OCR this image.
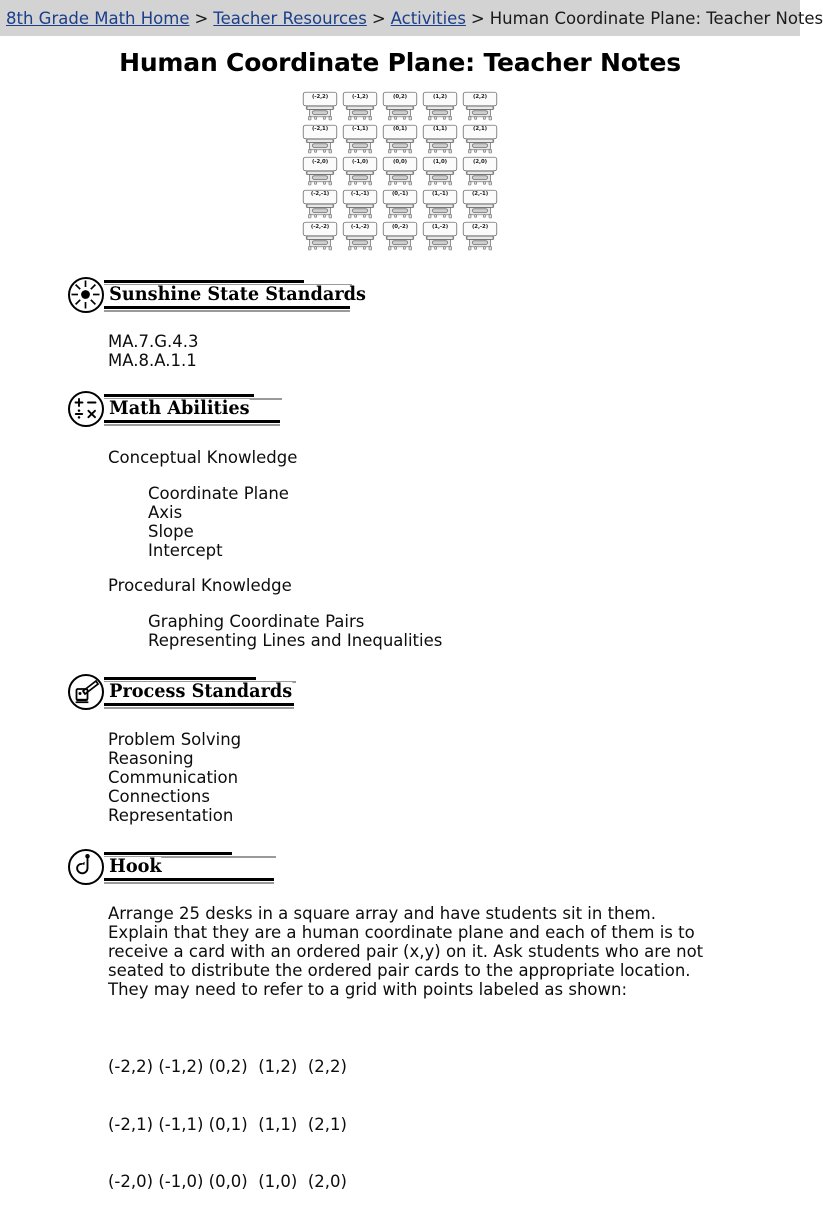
8th Grade Math Home > Teacher Resources > Activities > Human Coordinate Plane: Teacher Notes
Human Coordinate Plane: Teacher Notes
(-2,2)	(-1,2)	(0,2)	(1,2)	(2,2)
(-2,1)	(-1,1)	(0,1)	(1,1)	(2,1)
(-2,0)	(-1,0)	(0,0)	(1,0)	(2,0)
(-2,-1)	(-1,-1)	(0,-1)	(1,-1)	(2,-1)
(-2,-2)	(-1,-2)	(0,-2)	(1,-2)	(2,-2)
Sunshine State Standards
MA.7.G.4.3
MA.8.A.1.1
Math Abilities
Conceptual Knowledge
Coordinate Plane
Axis
Slope
Intercept
Procedural Knowledge
Graphing Coordinate Pairs
Representing Lines and Inequalities
Process Standards
Problem Solving
Reasoning
Communication
Connections
Representation
Hook
Arrange 25 desks in a square array and have students sit in them. Explain that they are a human coordinate plane and each of them is to receive a card with an ordered pair (x,y) on it. Ask students who are not seated to distribute the ordered pair cards to the appropriate location. They may need to refer to a grid with points labeled as shown:

(-2,2) (-1,2) (0,2)  (1,2)  (2,2)

(-2,1) (-1,1) (0,1)  (1,1)  (2,1)

(-2,0) (-1,0) (0,0)  (1,0)  (2,0)
